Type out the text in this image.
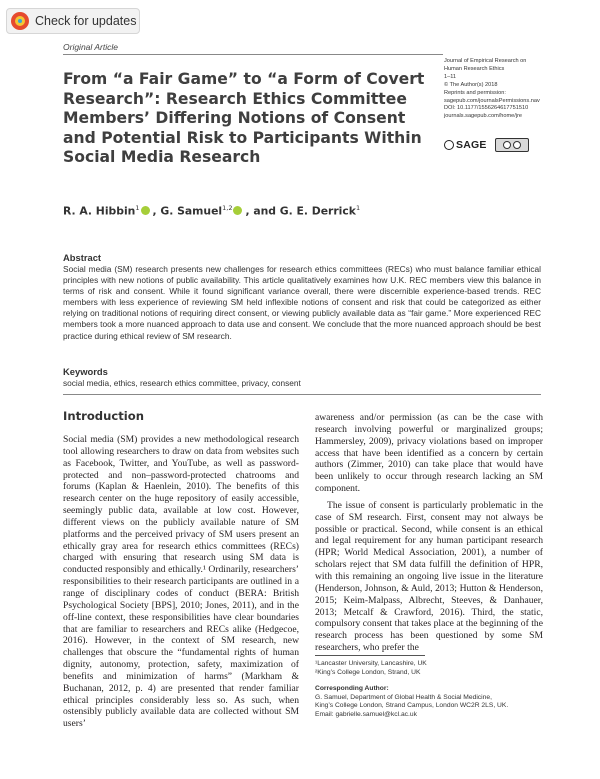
Check for updates
Original Article
From “a Fair Game” to “a Form of Covert Research”: Research Ethics Committee Members’ Differing Notions of Consent and Potential Risk to Participants Within Social Media Research
Journal of Empirical Research on
Human Research Ethics
1–11
© The Author(s) 2018
Reprints and permission:
sagepub.com/journalsPermissions.nav
DOI: 10.1177/1556264617751510
journals.sagepub.com/home/jre
SAGE
R. A. Hibbin$^1$ , G. Samuel$^{1,2}$ , and G. E. Derrick$^1$
Abstract

Social media (SM) research presents new challenges for research ethics committees (RECs) who must balance familiar ethical principles with new notions of public availability. This article qualitatively examines how U.K. REC members view this balance in terms of risk and consent. While it found significant variance overall, there were discernible experience-based trends. REC members with less experience of reviewing SM held inflexible notions of consent and risk that could be categorized as either relying on traditional notions of requiring direct consent, or viewing publicly available data as “fair game.” More experienced REC members took a more nuanced approach to data use and consent. We conclude that the more nuanced approach should be best practice during ethical review of SM research.

Keywords

social media, ethics, research ethics committee, privacy, consent

Introduction

Social media (SM) provides a new methodological research tool allowing researchers to draw on data from websites such as Facebook, Twitter, and YouTube, as well as password-protected and non–password-protected chatrooms and forums (Kaplan & Haenlein, 2010). The benefits of this research center on the huge repository of easily accessible, seemingly public data, available at low cost. However, different views on the publicly available nature of SM platforms and the perceived privacy of SM users present an ethically gray area for research ethics committees (RECs) charged with ensuring that research using SM data is conducted responsibly and ethically.¹ Ordinarily, researchers’ responsibilities to their research participants are outlined in a range of disciplinary codes of conduct (BERA: British Psychological Society [BPS], 2010; Jones, 2011), and in the off-line context, these responsibilities have clear boundaries that are familiar to researchers and RECs alike (Hedgecoe, 2016). However, in the context of SM research, new challenges that obscure the “fundamental rights of human dignity, autonomy, protection, safety, maximization of benefits and minimization of harms” (Markham & Buchanan, 2012, p. 4) are presented that render familiar ethical principles considerably less so. As such, when ostensibly publicly available data are collected without SM users’

awareness and/or permission (as can be the case with research involving powerful or marginalized groups; Hammersley, 2009), privacy violations based on improper access that have been identified as a concern by certain authors (Zimmer, 2010) can take place that would have been unlikely to occur through research lacking an SM component.

The issue of consent is particularly problematic in the case of SM research. First, consent may not always be possible or practical. Second, while consent is an ethical and legal requirement for any human participant research (HPR; World Medical Association, 2001), a number of scholars reject that SM data fulfill the definition of HPR, with this remaining an ongoing live issue in the literature (Henderson, Johnson, & Auld, 2013; Hutton & Henderson, 2015; Keim-Malpass, Albrecht, Steeves, & Danhauer, 2013; Metcalf & Crawford, 2016). Third, the static, compulsory consent that takes place at the beginning of the research process has been questioned by some SM researchers, who prefer the

¹Lancaster University, Lancashire, UK
²King’s College London, Strand, UK
Corresponding Author:
G. Samuel, Department of Global Health & Social Medicine,
King’s College London, Strand Campus, London WC2R 2LS, UK.
Email: gabrielle.samuel@kcl.ac.uk
